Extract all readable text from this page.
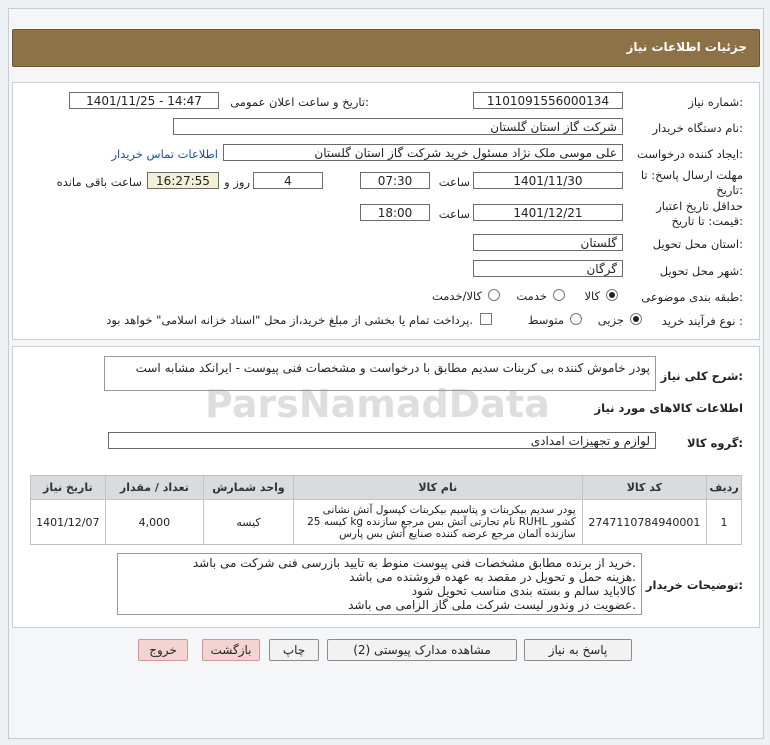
جزئیات اطلاعات نیاز
شماره نیاز:
1101091556000134
تاریخ و ساعت اعلان عمومی:
1401/11/25 - 14:47
نام دستگاه خریدار:
شرکت گاز استان گلستان
ایجاد کننده درخواست:
علی موسی ملک نژاد مسئول خرید شرکت گاز استان گلستان
اطلاعات تماس خریدار
مهلت ارسال پاسخ: تا
تاریخ:
1401/11/30
ساعت
07:30
4
روز و
16:27:55
ساعت باقی مانده
حداقل تاریخ اعتبار
قیمت: تا تاریخ:
1401/12/21
ساعت
18:00
استان محل تحویل:
گلستان
شهر محل تحویل:
گرگان
طبقه بندی موضوعی:
کالا
خدمت
کالا/خدمت
نوع فرآیند خرید :
جزیی
متوسط
پرداخت تمام یا بخشی از مبلغ خرید،از محل "اسناد خزانه اسلامی" خواهد بود.
شرح کلی نیاز:
پودر خاموش کننده بی کربنات سدیم مطابق با درخواست و مشخصات فنی پیوست - ایرانکد مشابه است
اطلاعات کالاهای مورد نیاز
گروه کالا:
لوازم و تجهیزات امدادی
تاریخ نیاز	تعداد / مقدار	واحد شمارش	نام کالا	کد کالا	ردیف
1401/12/07	4,000	کیسه	پودر سدیم بیکربنات و پتاسیم بیکربنات کپسول آتش نشانی کیسه 25 kg نام تجارتی آتش بس مرجع سازنده RUHL کشور سازنده آلمان مرجع عرضه کننده صنایع آتش بس پارس	2747110784940001	1
توضیحات خریدار:
خرید از برنده مطابق مشخصات فنی پیوست منوط به تایید بازرسی فنی شرکت می باشد.
هزینه حمل و تحویل در مقصد به عهده فروشنده می باشد.
کالاباید سالم و بسته بندی مناسب تحویل شود
عضویت در وندور لیست شرکت ملی گاز الزامی می باشد.
پاسخ به نیاز
مشاهده مدارک پیوستی (2)
چاپ
بازگشت
خروج
ParsNamadData
